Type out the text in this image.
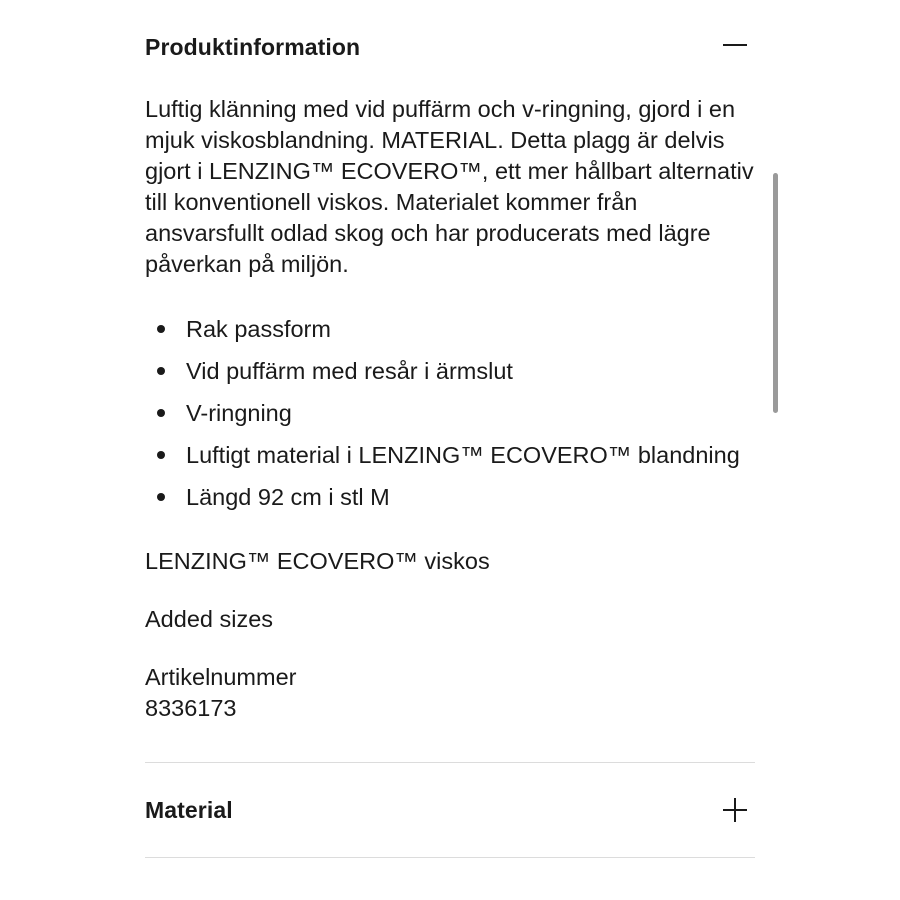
Produktinformation

Luftig klänning med vid puffärm och v-ringning, gjord i en mjuk viskosblandning. MATERIAL. Detta plagg är delvis gjort i LENZING™ ECOVERO™, ett mer hållbart alternativ till konventionell viskos. Materialet kommer från ansvarsfullt odlad skog och har producerats med lägre påverkan på miljön.

Rak passform
Vid puffärm med resår i ärmslut
V-ringning
Luftigt material i LENZING™ ECOVERO™ blandning
Längd 92 cm i stl M

LENZING™ ECOVERO™ viskos

Added sizes

Artikelnummer

8336173

Material
